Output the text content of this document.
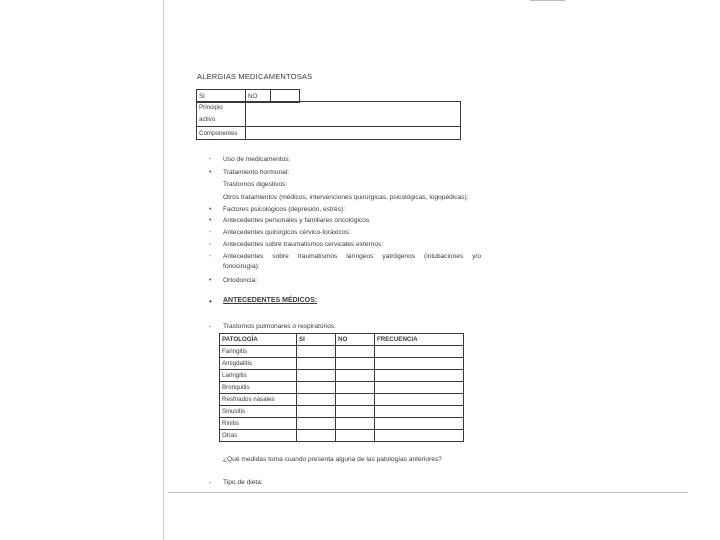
ALERGIAS MEDICAMENTOSAS
SI	NO	
Principio
activo	
Componentes	
- Uso de medicamentos:
• Tratamiento hormonal:
Trastornos digestivos:
Otros tratamientos (médicos, intervenciones quirúrgicas, psicológicas, logopédicas):
• Factores psicológicos (depresión, estrés):
• Antecedentes personales y familiares oncológicos
- Antecedentes quirúrgicos cérvico-toráxicos:
- Antecedentes sobre traumatismos cervicales externos:
- Antecedentes sobre traumatismos laríngeos yatrógenos (intubaciones y/o
fonocirugía):
• Ortodoncia:
• ANTECEDENTES MÉDICOS:
- Trastornos pulmonares o respiratorios:
PATOLOGÍA	SI	NO	FRECUENCIA
Faringitis			
Amigdalitis			
Laringitis			
Bronquitis			
Resfriados nasales			
Sinusitis			
Rinitis			
Otras			
¿Qué medidas toma cuando presenta alguna de las patologías anteriores?
- Tipo de dieta:
